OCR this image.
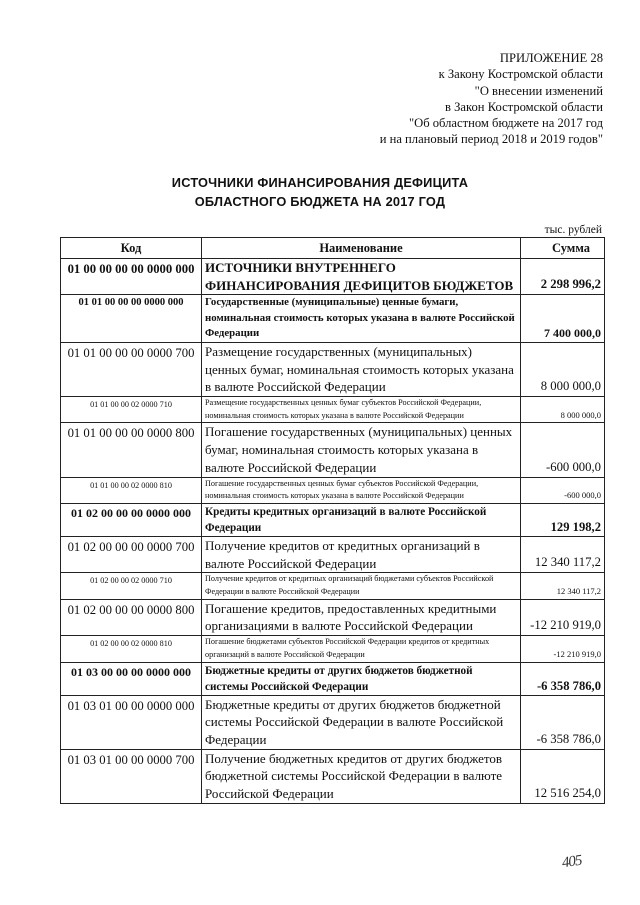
ПРИЛОЖЕНИЕ 28
к Закону Костромской области
"О внесении изменений
в Закон Костромской области
"Об областном бюджете на 2017 год
и на плановый период 2018 и 2019 годов"
ИСТОЧНИКИ ФИНАНСИРОВАНИЯ ДЕФИЦИТА
ОБЛАСТНОГО БЮДЖЕТА НА 2017 ГОД
тыс. рублей
Код	Наименование	Сумма
01 00 00 00 00 0000 000	ИСТОЧНИКИ ВНУТРЕННЕГО ФИНАНСИРОВАНИЯ ДЕФИЦИТОВ БЮДЖЕТОВ	2 298 996,2
01 01 00 00 00 0000 000	Государственные (муниципальные) ценные бумаги, номинальная стоимость которых указана в валюте Российской Федерации	7 400 000,0
01 01 00 00 00 0000 700	Размещение государственных (муниципальных) ценных бумаг, номинальная стоимость которых указана в валюте Российской Федерации	8 000 000,0
01 01 00 00 02 0000 710	Размещение государственных ценных бумаг субъектов Российской Федерации, номинальная стоимость которых указана в валюте Российской Федерации	8 000 000,0
01 01 00 00 00 0000 800	Погашение государственных (муниципальных) ценных бумаг, номинальная стоимость которых указана в валюте Российской Федерации	-600 000,0
01 01 00 00 02 0000 810	Погашение государственных ценных бумаг субъектов Российской Федерации, номинальная стоимость которых указана в валюте Российской Федерации	-600 000,0
01 02 00 00 00 0000 000	Кредиты кредитных организаций в валюте Российской Федерации	129 198,2
01 02 00 00 00 0000 700	Получение кредитов от кредитных организаций в валюте Российской Федерации	12 340 117,2
01 02 00 00 02 0000 710	Получение кредитов от кредитных организаций бюджетами субъектов Российской Федерации в валюте Российской Федерации	12 340 117,2
01 02 00 00 00 0000 800	Погашение кредитов, предоставленных кредитными организациями в валюте Российской Федерации	-12 210 919,0
01 02 00 00 02 0000 810	Погашение бюджетами субъектов Российской Федерации кредитов от кредитных организаций в валюте Российской Федерации	-12 210 919,0
01 03 00 00 00 0000 000	Бюджетные кредиты от других бюджетов бюджетной системы Российской Федерации	-6 358 786,0
01 03 01 00 00 0000 000	Бюджетные кредиты от других бюджетов бюджетной системы Российской Федерации в валюте Российской Федерации	-6 358 786,0
01 03 01 00 00 0000 700	Получение бюджетных кредитов от других бюджетов бюджетной системы Российской Федерации в валюте Российской Федерации	12 516 254,0
405
